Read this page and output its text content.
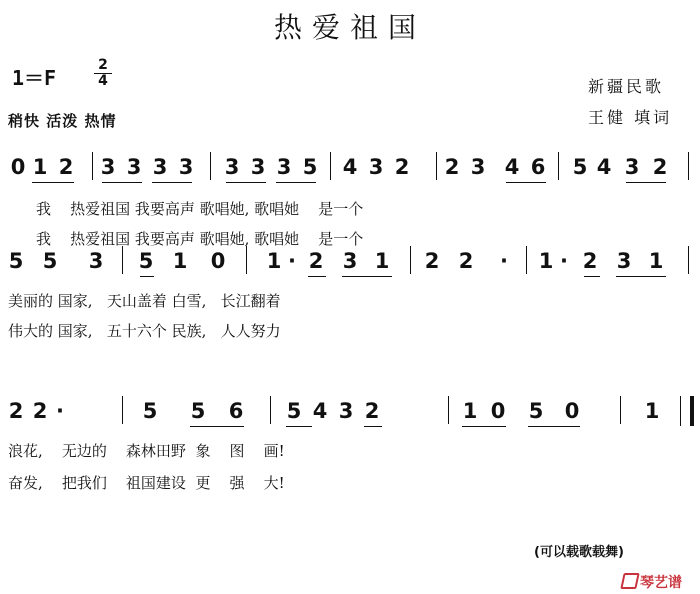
热爱祖国
1＝F
2
4
稍快 活泼 热情
新疆民歌
王健 填词
0 1 2 3 3 3 3 3 3 3 5 4 3 2 2 3 4 6 5 4 3 2
我    热爱祖国 我要高声 歌唱她, 歌唱她    是一个
我    热爱祖国 我要高声 歌唱她, 歌唱她    是一个
5 5 3 5 1 0 1 · 2 3 1 2 2 · 1 · 2 3 1
美丽的 国家,   天山盖着 白雪,   长江翻着
伟大的 国家,   五十六个 民族,   人人努力
2 2 ·	5 5 6 5 4 3 2	1 0 5 0	1
浪花,    无边的    森林田野  象    图    画!
奋发,    把我们    祖国建设  更    强    大!
(可以载歌载舞)
琴艺谱
